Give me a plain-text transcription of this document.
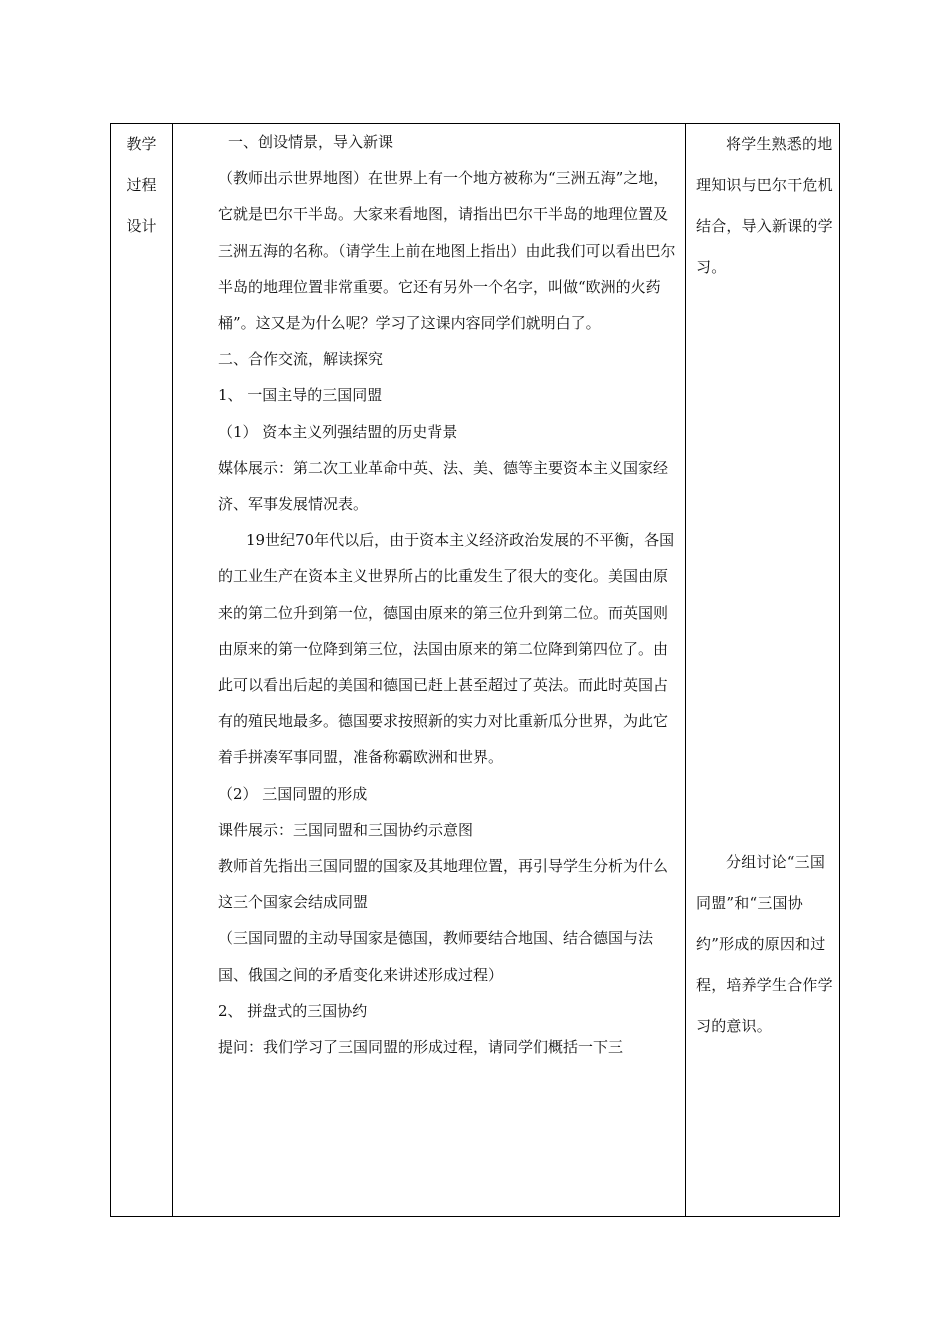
教学
过程
设计

一、创设情景，导入新课

（教师出示世界地图）在世界上有一个地方被称为“三洲五海”之地，它就是巴尔干半岛。大家来看地图，请指出巴尔干半岛的地理位置及三洲五海的名称。（请学生上前在地图上指出）由此我们可以看出巴尔半岛的地理位置非常重要。它还有另外一个名字，叫做“欧洲的火药桶”。这又是为什么呢？学习了这课内容同学们就明白了。

二、合作交流，解读探究

1、 一国主导的三国同盟

（1） 资本主义列强结盟的历史背景

媒体展示：第二次工业革命中英、法、美、德等主要资本主义国家经济、军事发展情况表。

19世纪70年代以后，由于资本主义经济政治发展的不平衡，各国的工业生产在资本主义世界所占的比重发生了很大的变化。美国由原来的第二位升到第一位，德国由原来的第三位升到第二位。而英国则由原来的第一位降到第三位，法国由原来的第二位降到第四位了。由此可以看出后起的美国和德国已赶上甚至超过了英法。而此时英国占有的殖民地最多。德国要求按照新的实力对比重新瓜分世界，为此它着手拼凑军事同盟，准备称霸欧洲和世界。

（2） 三国同盟的形成

课件展示：三国同盟和三国协约示意图

教师首先指出三国同盟的国家及其地理位置，再引导学生分析为什么这三个国家会结成同盟

（三国同盟的主动导国家是德国，教师要结合地国、结合德国与法国、俄国之间的矛盾变化来讲述形成过程）

2、 拼盘式的三国协约

提问：我们学习了三国同盟的形成过程，请同学们概括一下三

将学生熟悉的地理知识与巴尔干危机结合，导入新课的学习。

分组讨论“三国同盟”和“三国协约”形成的原因和过程，培养学生合作学习的意识。
